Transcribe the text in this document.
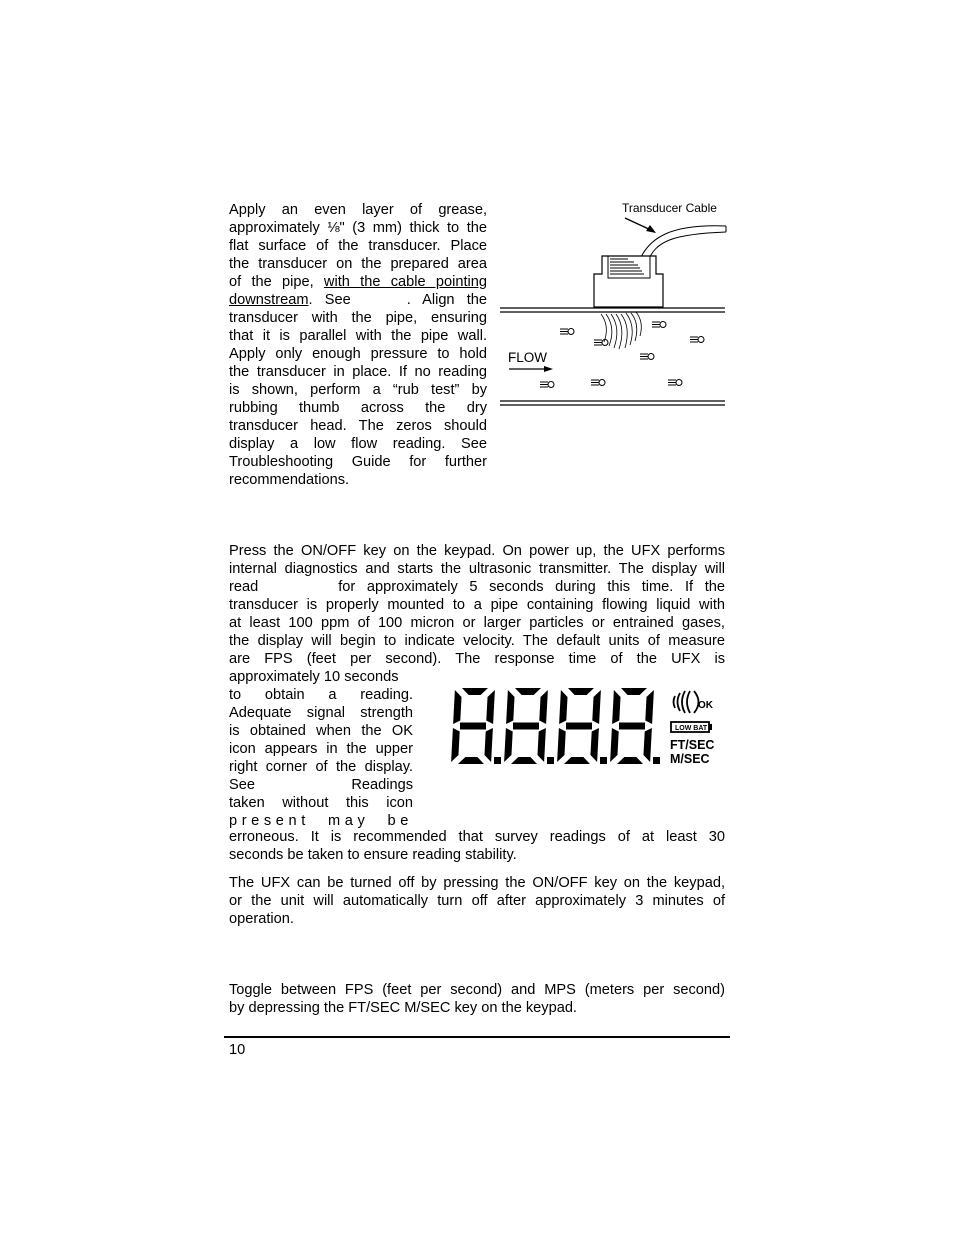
Apply an even layer of grease,
approximately ⅛" (3 mm) thick to the
flat surface of the transducer. Place
the transducer on the prepared area
of the pipe, with the cable pointing
downstream. See	. Align the
transducer with the pipe, ensuring
that it is parallel with the pipe wall.
Apply only enough pressure to hold
the transducer in place. If no reading
is shown, perform a “rub test” by
rubbing thumb across the dry
transducer head. The zeros should
display a low flow reading. See
Troubleshooting Guide for further
recommendations.
Transducer Cable
FLOW
Press the ON/OFF key on the keypad. On power up, the UFX performs
internal diagnostics and starts the ultrasonic transmitter. The display will
read	for approximately 5 seconds during this time. If the
transducer is properly mounted to a pipe containing flowing liquid with
at least 100 ppm of 100 micron or larger particles or entrained gases,
the display will begin to indicate velocity. The default units of measure
are FPS (feet per second). The response time of the UFX is
approximately 10 seconds
to obtain a reading.
Adequate signal strength
is obtained when the OK
icon appears in the upper
right corner of the display.
See	Readings
taken without this icon
present may be
erroneous. It is recommended that survey readings of at least 30
seconds be taken to ensure reading stability.
8.8.8.8.
OK
LOW BAT
FT/SEC
M/SEC
The UFX can be turned off by pressing the ON/OFF key on the keypad,
or the unit will automatically turn off after approximately 3 minutes of
operation.
Toggle between FPS (feet per second) and MPS (meters per second)
by depressing the FT/SEC M/SEC key on the keypad.
10
